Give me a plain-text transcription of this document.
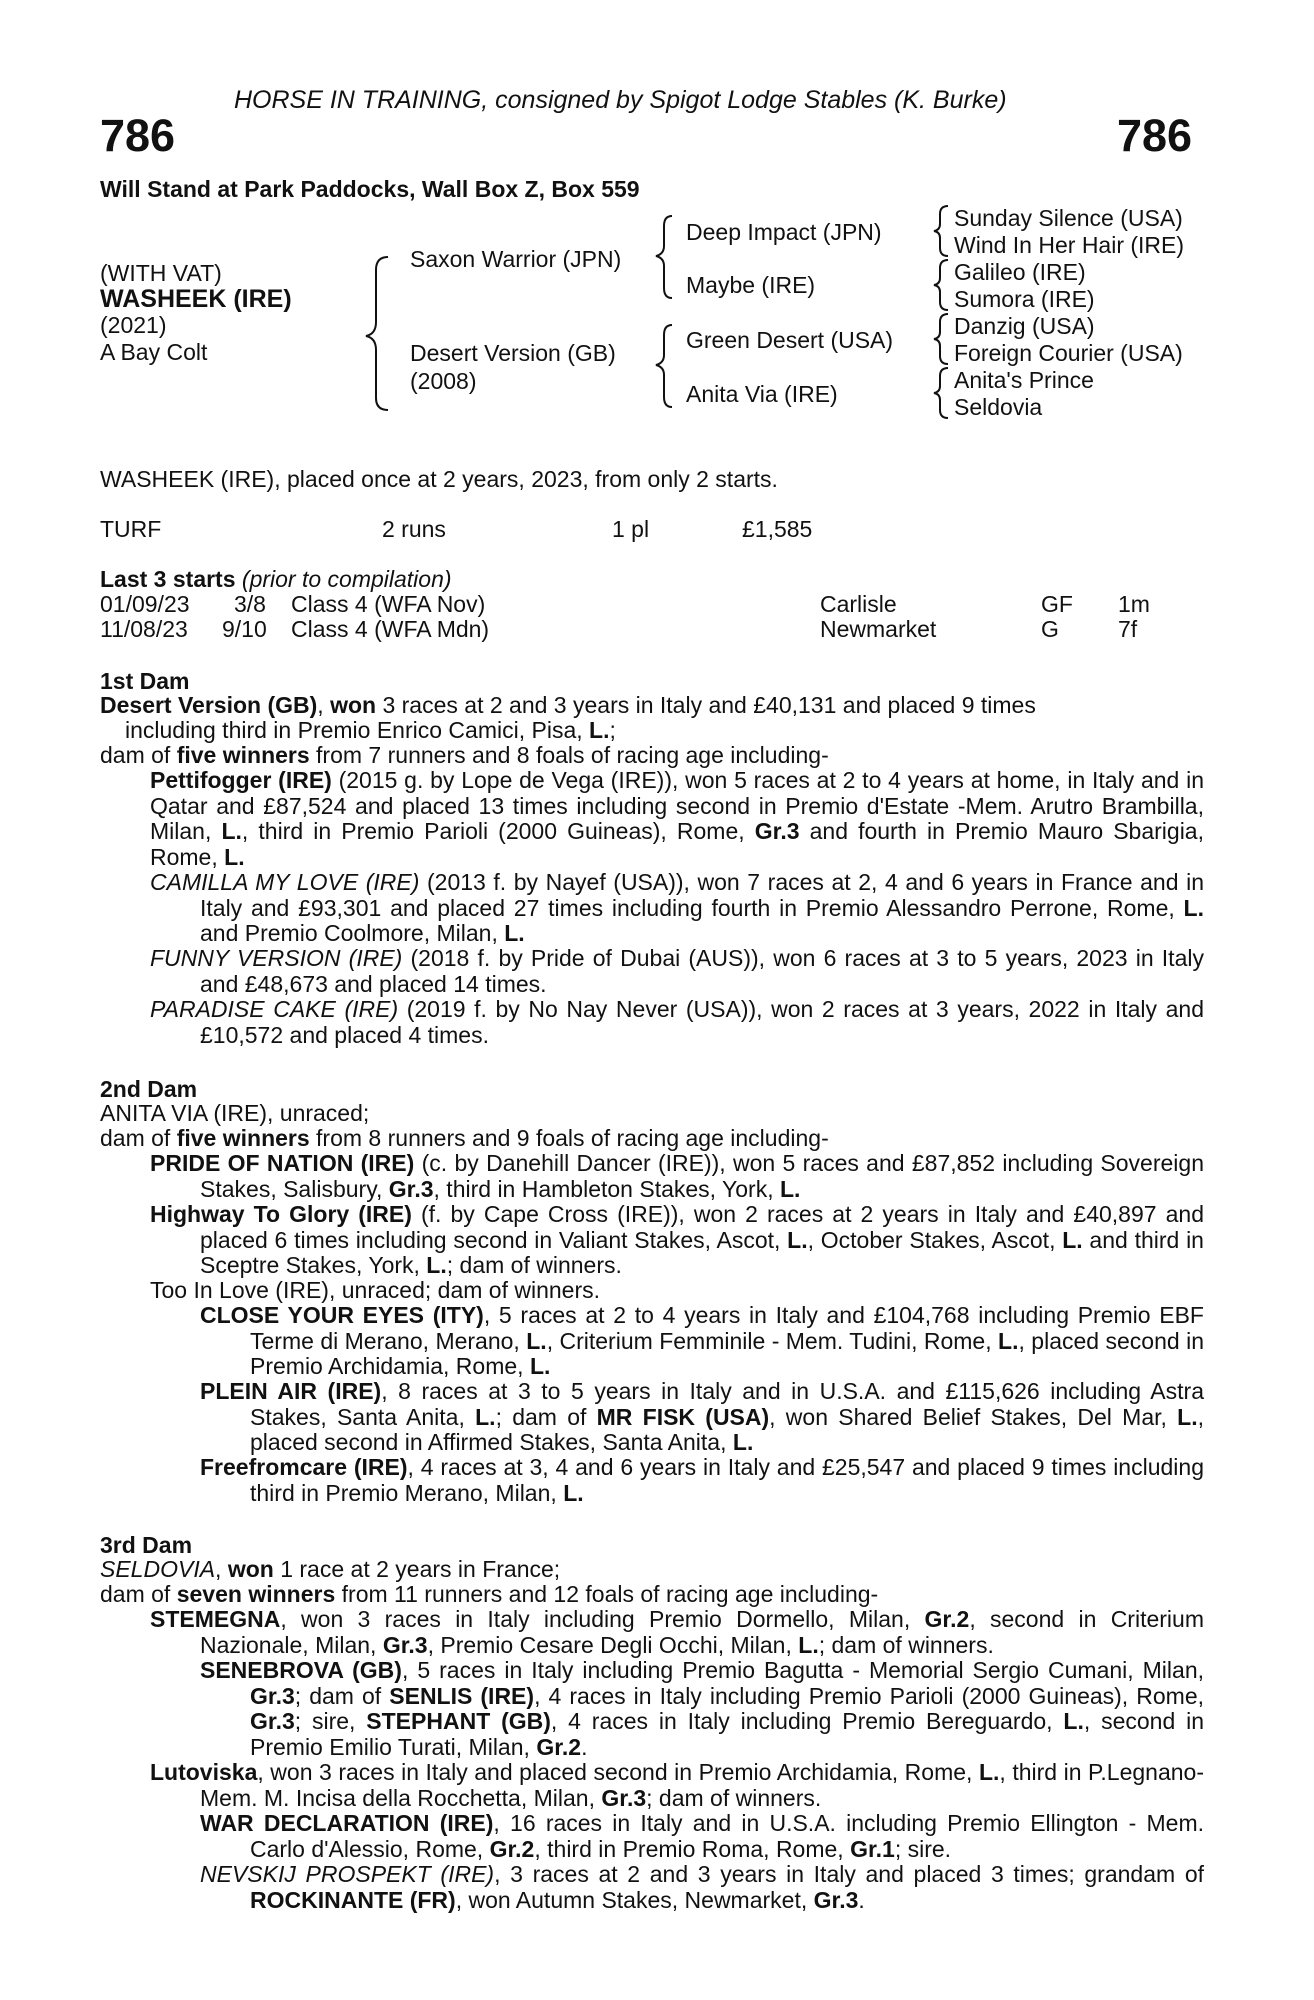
HORSE IN TRAINING, consigned by Spigot Lodge Stables (K. Burke)
786	786
Will Stand at Park Paddocks, Wall Box Z, Box 559
(WITH VAT)
WASHEEK (IRE)
(2021)
A Bay Colt
Saxon Warrior (JPN)
Desert Version (GB)
(2008)
Deep Impact (JPN)
Maybe (IRE)
Green Desert (USA)
Anita Via (IRE)
Sunday Silence (USA)
Wind In Her Hair (IRE)
Galileo (IRE)
Sumora (IRE)
Danzig (USA)
Foreign Courier (USA)
Anita's Prince
Seldovia
WASHEEK (IRE), placed once at 2 years, 2023, from only 2 starts.
TURF	2 runs	1 pl	£1,585
Last 3 starts (prior to compilation)
01/09/23 3/8 Class 4 (WFA Nov)	Carlisle	GF 1m
11/08/23 9/10 Class 4 (WFA Mdn)	Newmarket	G	7f
1st Dam
Desert Version (GB), won 3 races at 2 and 3 years in Italy and £40,131 and placed 9 times
including third in Premio Enrico Camici, Pisa, L.;
dam of five winners from 7 runners and 8 foals of racing age including-
Pettifogger (IRE) (2015 g. by Lope de Vega (IRE)), won 5 races at 2 to 4 years at home, in Italy and in Qatar and £87,524 and placed 13 times including second in Premio d'Estate -Mem. Arutro Brambilla, Milan, L., third in Premio Parioli (2000 Guineas), Rome, Gr.3 and fourth in Premio Mauro Sbarigia, Rome, L.
CAMILLA MY LOVE (IRE) (2013 f. by Nayef (USA)), won 7 races at 2, 4 and 6 years in France and in Italy and £93,301 and placed 27 times including fourth in Premio Alessandro Perrone, Rome, L. and Premio Coolmore, Milan, L.
FUNNY VERSION (IRE) (2018 f. by Pride of Dubai (AUS)), won 6 races at 3 to 5 years, 2023 in Italy and £48,673 and placed 14 times.
PARADISE CAKE (IRE) (2019 f. by No Nay Never (USA)), won 2 races at 3 years, 2022 in Italy and £10,572 and placed 4 times.
2nd Dam
ANITA VIA (IRE), unraced;
dam of five winners from 8 runners and 9 foals of racing age including-
PRIDE OF NATION (IRE) (c. by Danehill Dancer (IRE)), won 5 races and £87,852 including Sovereign Stakes, Salisbury, Gr.3, third in Hambleton Stakes, York, L.
Highway To Glory (IRE) (f. by Cape Cross (IRE)), won 2 races at 2 years in Italy and £40,897 and placed 6 times including second in Valiant Stakes, Ascot, L., October Stakes, Ascot, L. and third in Sceptre Stakes, York, L.; dam of winners.
Too In Love (IRE), unraced; dam of winners.
CLOSE YOUR EYES (ITY), 5 races at 2 to 4 years in Italy and £104,768 including Premio EBF Terme di Merano, Merano, L., Criterium Femminile - Mem. Tudini, Rome, L., placed second in Premio Archidamia, Rome, L.
PLEIN AIR (IRE), 8 races at 3 to 5 years in Italy and in U.S.A. and £115,626 including Astra Stakes, Santa Anita, L.; dam of MR FISK (USA), won Shared Belief Stakes, Del Mar, L., placed second in Affirmed Stakes, Santa Anita, L.
Freefromcare (IRE), 4 races at 3, 4 and 6 years in Italy and £25,547 and placed 9 times including third in Premio Merano, Milan, L.
3rd Dam
SELDOVIA, won 1 race at 2 years in France;
dam of seven winners from 11 runners and 12 foals of racing age including-
STEMEGNA, won 3 races in Italy including Premio Dormello, Milan, Gr.2, second in Criterium Nazionale, Milan, Gr.3, Premio Cesare Degli Occhi, Milan, L.; dam of winners.
SENEBROVA (GB), 5 races in Italy including Premio Bagutta - Memorial Sergio Cumani, Milan, Gr.3; dam of SENLIS (IRE), 4 races in Italy including Premio Parioli (2000 Guineas), Rome, Gr.3; sire, STEPHANT (GB), 4 races in Italy including Premio Bereguardo, L., second in Premio Emilio Turati, Milan, Gr.2.
Lutoviska, won 3 races in Italy and placed second in Premio Archidamia, Rome, L., third in P.Legnano-Mem. M. Incisa della Rocchetta, Milan, Gr.3; dam of winners.
WAR DECLARATION (IRE), 16 races in Italy and in U.S.A. including Premio Ellington - Mem. Carlo d'Alessio, Rome, Gr.2, third in Premio Roma, Rome, Gr.1; sire.
NEVSKIJ PROSPEKT (IRE), 3 races at 2 and 3 years in Italy and placed 3 times; grandam of ROCKINANTE (FR), won Autumn Stakes, Newmarket, Gr.3.
